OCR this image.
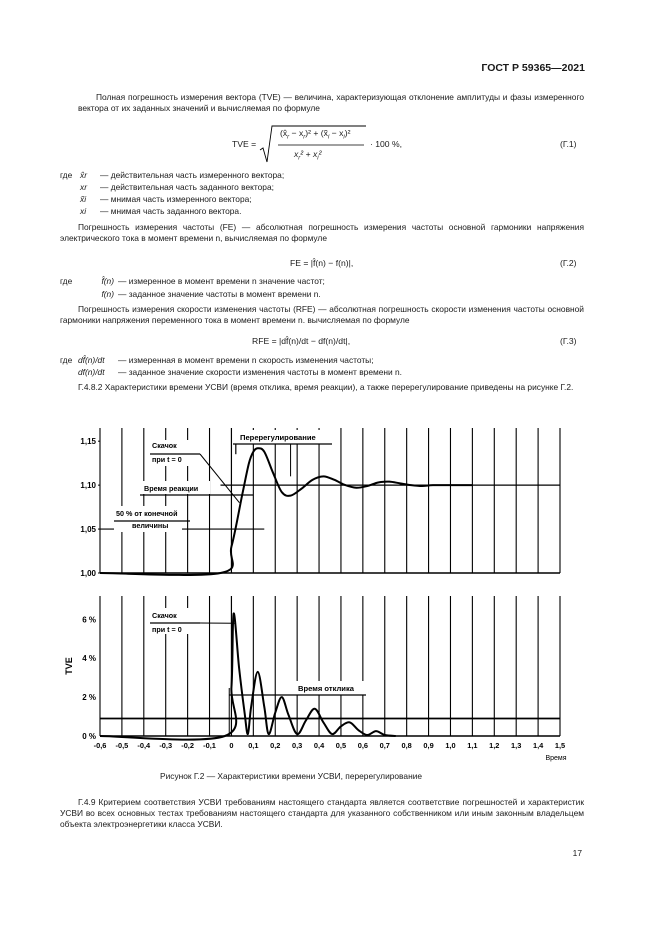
ГОСТ Р 59365—2021
Полная погрешность измерения вектора (TVE) — величина, характеризующая отклонение амплитуды и фазы измеренного вектора от их заданных значений и вычисляемая по формуле
TVE =
$(x̂_r - x_r)^2$ + $(x̃_i - x_i)^2$
$x_r^2 + x_i^2$
· 100 %,	(Г.1)
где x̂r	— действительная часть измеренного вектора;
xr	— действительная часть заданного вектора;
x̃i	— мнимая часть измеренного вектора;
xi	— мнимая часть заданного вектора.
Погрешность измерения частоты (FE) — абсолютная погрешность измерения частоты основной гармоники напряжения электрического тока в момент времени n, вычисляемая по формуле
FE = |f̂(n) − f(n)|,	(Г.2)
где	f̂(n) — измеренное в момент времени n значение частот;
f(n) — заданное значение частоты в момент времени n.
Погрешность измерения скорости изменения частоты (RFE) — абсолютная погрешность скорости изменения частоты основной гармоники напряжения переменного тока в момент времени n. вычисляемая по формуле
RFE = |df̂(n)/dt − df(n)/dt|,	(Г.3)
где df̂(n)/dt	— измеренная в момент времени n скорость изменения частоты;
df(n)/dt	— заданное значение скорости изменения частоты в момент времени n.
Г.4.8.2 Характеристики времени УСВИ (время отклика, время реакции), а также перерегулирование приведены на рисунке Г.2.
1,00
1,05
1,10
1,15
0 %
2 %
4 %
6 %
TVE
-0,6 -0,5 -0,4 -0,3 -0,2 -0,1 0 0,1 0,2 0,3 0,4 0,5 0,6 0,7 0,8 0,9 1,0 1,1 1,2 1,3 1,4 1,5
Время
Скачок
при t = 0
Перерегулирование
Время реакции
50 % от конечной
величины
Скачок
при t = 0
Время отклика
Рисунок Г.2 — Характеристики времени УСВИ, перерегулирование
Г.4.9 Критерием соответствия УСВИ требованиям настоящего стандарта является соответствие погрешностей и характеристик УСВИ во всех основных тестах требованиям настоящего стандарта для указанного собственником или иным законным владельцем объекта электроэнергетики класса УСВИ.
17
